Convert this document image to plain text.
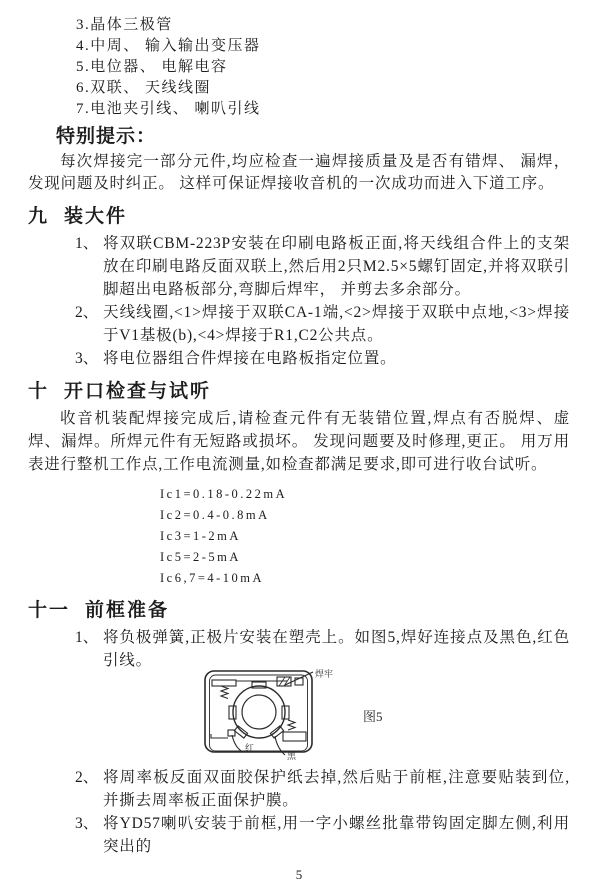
3.晶体三极管
4.中周、 输入输出变压器
5.电位器、 电解电容
6.双联、 天线线圈
7.电池夹引线、 喇叭引线
特别提示：

每次焊接完一部分元件,均应检查一遍焊接质量及是否有错焊、 漏焊， 发现问题及时纠正。 这样可保证焊接收音机的一次成功而进入下道工序。

九 装大件
1、 将双联CBM-223P安装在印刷电路板正面,将天线组合件上的支架放在印刷电路反面双联上,然后用2只M2.5×5螺钉固定,并将双联引脚超出电路板部分,弯脚后焊牢， 并剪去多余部分。
2、 天线线圈,<1>焊接于双联CA-1端,<2>焊接于双联中点地,<3>焊接于V1基极(b),<4>焊接于R1,C2公共点。
3、 将电位器组合件焊接在电路板指定位置。
十 开口检查与试听

收音机装配焊接完成后,请检查元件有无装错位置,焊点有否脱焊、虚焊、漏焊。所焊元件有无短路或损坏。 发现问题要及时修理,更正。 用万用表进行整机工作点,工作电流测量,如检查都满足要求,即可进行收台试听。

Ic1=0.18-0.22mA
Ic2=0.4-0.8mA
Ic3=1-2mA
Ic5=2-5mA
Ic6,7=4-10mA
十一 前框准备
1、 将负极弹簧,正极片安装在塑壳上。如图5,焊好连接点及黑色,红色引线。
焊牢
红
黑
图5
2、 将周率板反面双面胶保护纸去掉,然后贴于前框,注意要贴装到位,并撕去周率板正面保护膜。
3、 将YD57喇叭安装于前框,用一字小螺丝批靠带钩固定脚左侧,利用突出的
5
